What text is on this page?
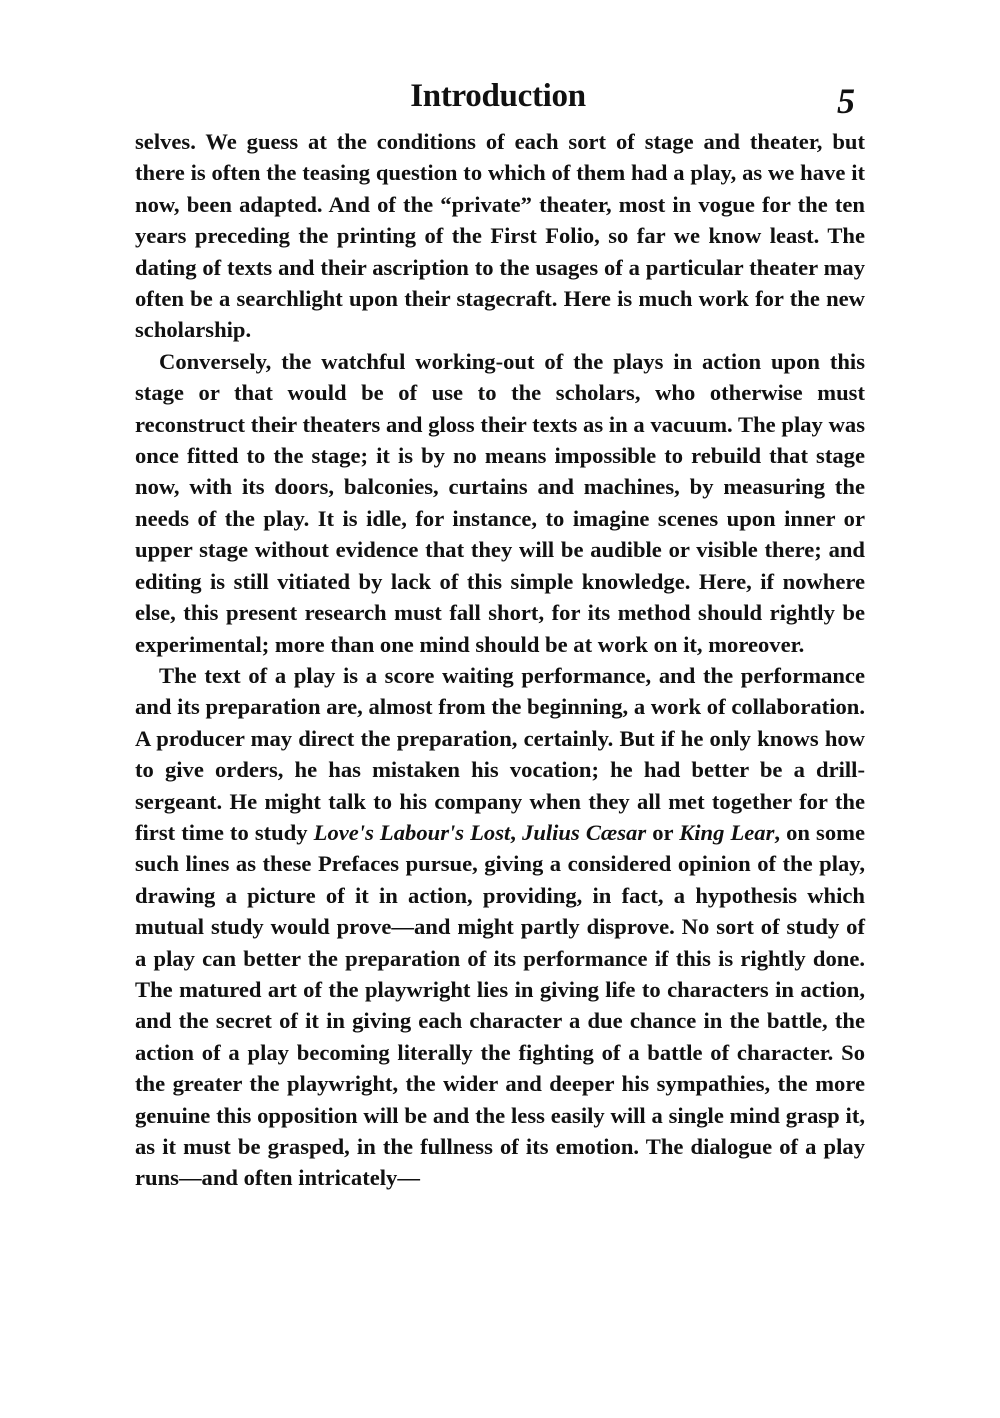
Introduction	5

selves. We guess at the conditions of each sort of stage and theater, but there is often the teasing question to which of them had a play, as we have it now, been adapted. And of the “private” theater, most in vogue for the ten years preceding the printing of the First Folio, so far we know least. The dating of texts and their ascription to the usages of a particular theater may often be a searchlight upon their stagecraft. Here is much work for the new scholarship.

Conversely, the watchful working-out of the plays in action upon this stage or that would be of use to the scholars, who otherwise must reconstruct their theaters and gloss their texts as in a vacuum. The play was once fitted to the stage; it is by no means impossible to rebuild that stage now, with its doors, balconies, curtains and machines, by measuring the needs of the play. It is idle, for instance, to imagine scenes upon inner or upper stage without evidence that they will be audible or visible there; and editing is still vitiated by lack of this simple knowledge. Here, if nowhere else, this present research must fall short, for its method should rightly be experimental; more than one mind should be at work on it, moreover.

The text of a play is a score waiting performance, and the performance and its preparation are, almost from the beginning, a work of collaboration. A producer may direct the preparation, certainly. But if he only knows how to give orders, he has mistaken his vocation; he had better be a drill-sergeant. He might talk to his company when they all met together for the first time to study Love's Labour's Lost, Julius Cæsar or King Lear, on some such lines as these Prefaces pursue, giving a considered opinion of the play, drawing a picture of it in action, providing, in fact, a hypothesis which mutual study would prove—and might partly disprove. No sort of study of a play can better the preparation of its performance if this is rightly done. The matured art of the playwright lies in giving life to characters in action, and the secret of it in giving each character a due chance in the battle, the action of a play becoming literally the fighting of a battle of character. So the greater the playwright, the wider and deeper his sympathies, the more genuine this opposition will be and the less easily will a single mind grasp it, as it must be grasped, in the fullness of its emotion. The dialogue of a play runs—and often intricately—
